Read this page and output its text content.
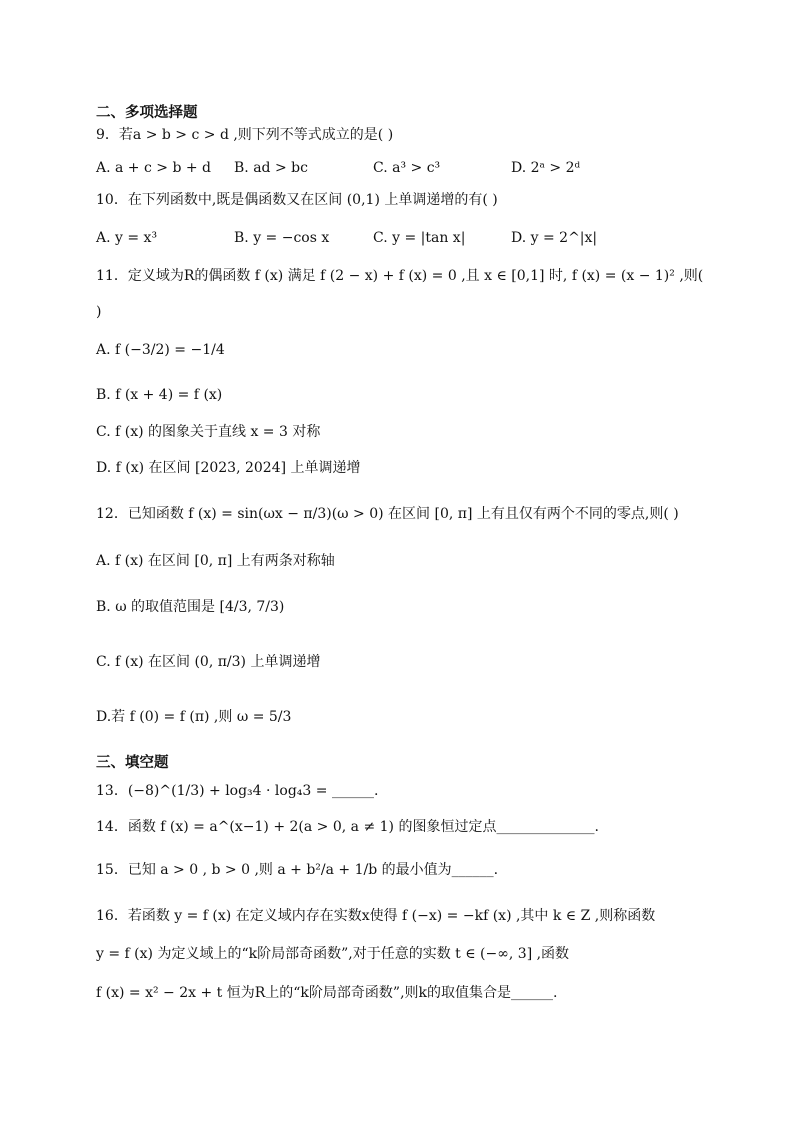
二、多项选择题
9．若a > b > c > d ,则下列不等式成立的是( )
A. a + c > b + d B. ad > bc	C. a³ > c³	D. 2ᵃ > 2ᵈ
10．在下列函数中,既是偶函数又在区间 (0,1) 上单调递增的有( )
A. y = x³	B. y = −cos x	C. y = |tan x|	D. y = 2^|x|
11．定义域为R的偶函数 f (x) 满足 f (2 − x) + f (x) = 0 ,且 x ∈ [0,1] 时, f (x) = (x − 1)² ,则(
)
A. f (−3/2) = −1/4
B. f (x + 4) = f (x)
C. f (x) 的图象关于直线 x = 3 对称
D. f (x) 在区间 [2023, 2024] 上单调递增
12．已知函数 f (x) = sin(ωx − π/3)(ω > 0) 在区间 [0, π] 上有且仅有两个不同的零点,则( )
A. f (x) 在区间 [0, π] 上有两条对称轴
B. ω 的取值范围是 [4/3, 7/3)
C. f (x) 在区间 (0, π/3) 上单调递增
D.若 f (0) = f (π) ,则 ω = 5/3
三、填空题
13．(−8)^(1/3) + log₃4 · log₄3 = ______.
14．函数 f (x) = a^(x−1) + 2(a > 0, a ≠ 1) 的图象恒过定点______________.
15．已知 a > 0 , b > 0 ,则 a + b²/a + 1/b 的最小值为______.
16．若函数 y = f (x) 在定义域内存在实数x使得 f (−x) = −kf (x) ,其中 k ∈ Z ,则称函数
y = f (x) 为定义域上的“k阶局部奇函数”,对于任意的实数 t ∈ (−∞, 3] ,函数
f (x) = x² − 2x + t 恒为R上的“k阶局部奇函数”,则k的取值集合是______.
